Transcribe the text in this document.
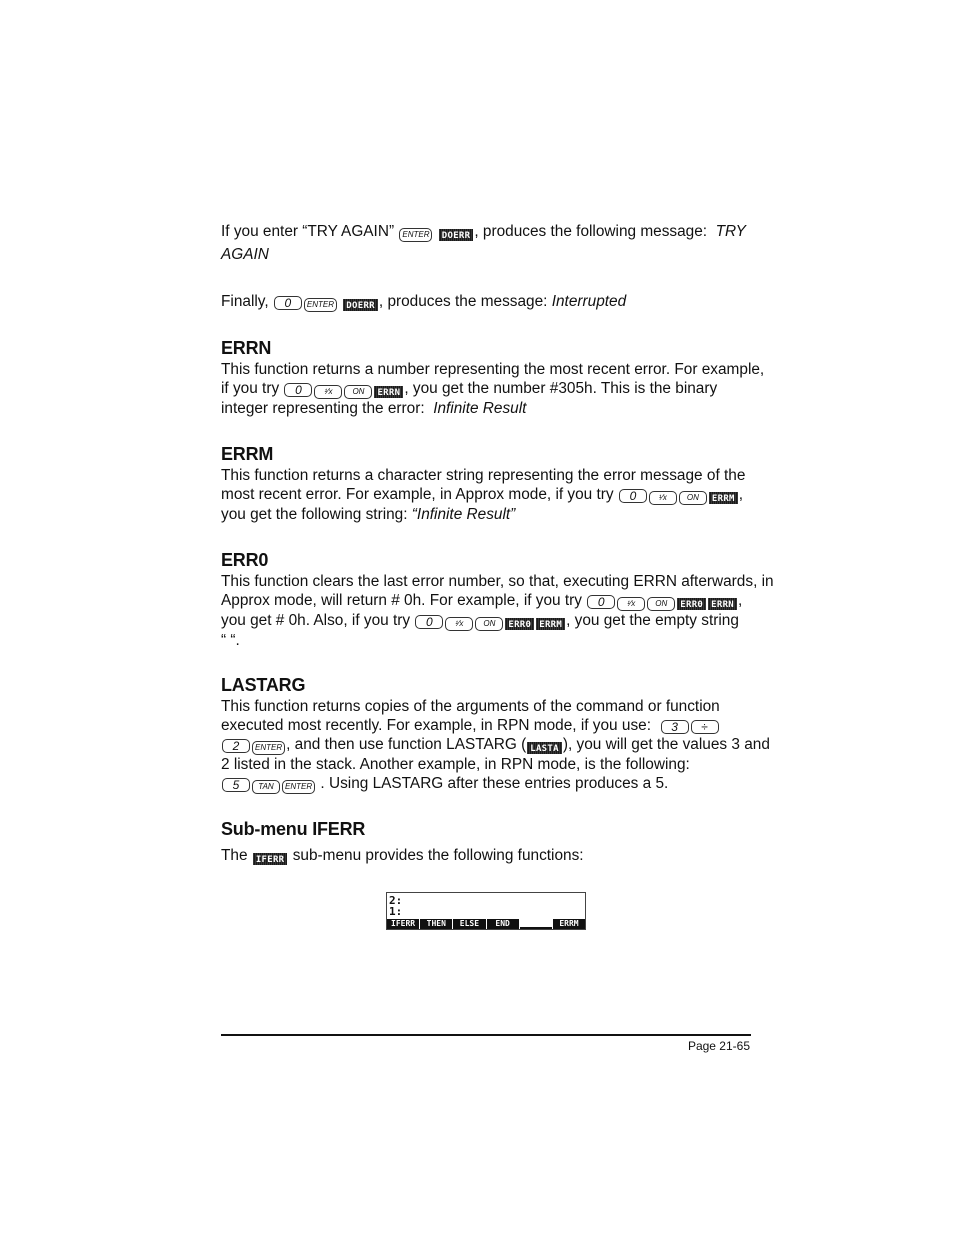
If you enter “TRY AGAIN” ENTER DOERR , produces the following message: TRY

AGAIN

Finally, 0 ENTER DOERR , produces the message: Interrupted

ERRN

This function returns a number representing the most recent error. For example,

if you try 0	¹⁄x	ON ERRN , you get the number #305h. This is the binary

integer representing the error: Infinite Result

ERRM

This function returns a character string representing the error message of the

most recent error. For example, in Approx mode, if you try 0	¹⁄x	ON ERRM ,

you get the following string: “Infinite Result”

ERR0

This function clears the last error number, so that, executing ERRN afterwards, in

Approx mode, will return # 0h. For example, if you try 0	¹⁄x	ON ERR0 ERRN ,

you get # 0h. Also, if you try 0	¹⁄x	ON ERR0 ERRM , you get the empty string

“ “.

LASTARG

This function returns copies of the arguments of the command or function

executed most recently. For example, in RPN mode, if you use: 3 ÷

2 ENTER , and then use function LASTARG ( LASTA ), you will get the values 3 and

2 listed in the stack. Another example, in RPN mode, is the following:

5 TAN ENTER . Using LASTARG after these entries produces a 5.

Sub-menu IFERR

The IFERR sub-menu provides the following functions:

2:
1:
IFERR	THEN	ELSE	END	ERRM
Page 21-65
